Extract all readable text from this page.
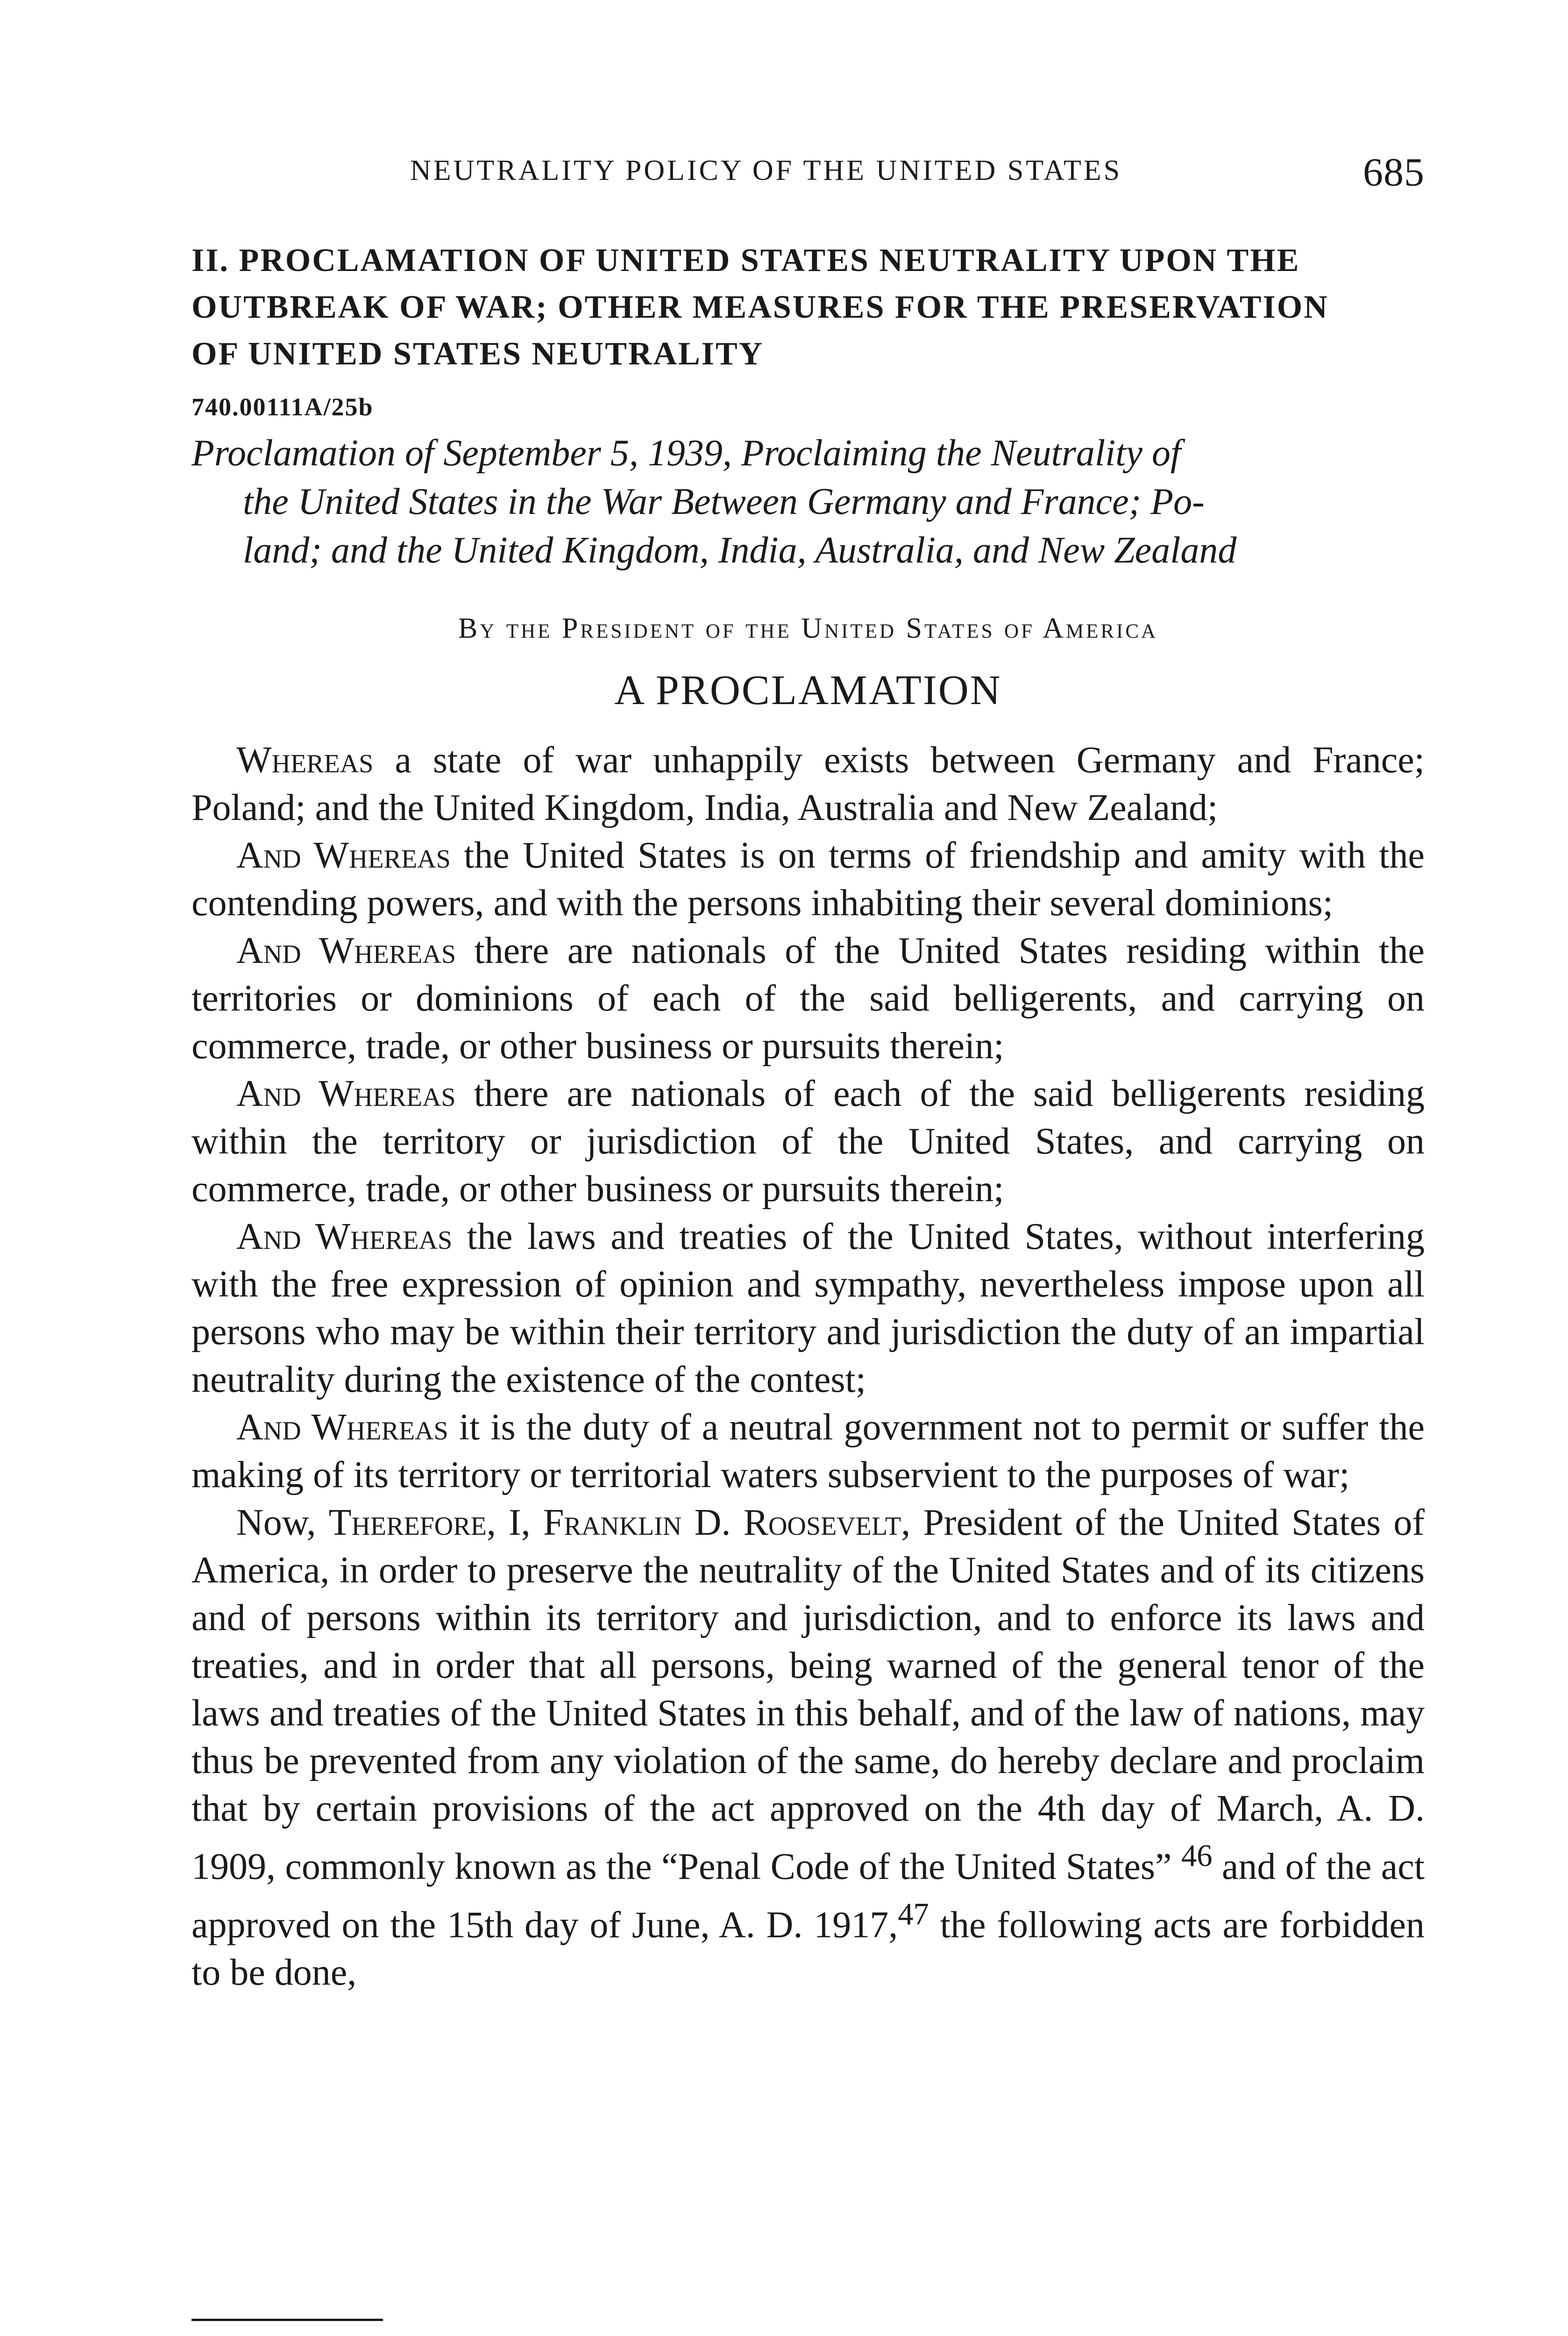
NEUTRALITY POLICY OF THE UNITED STATES	685
II. PROCLAMATION OF UNITED STATES NEUTRALITY UPON THE
OUTBREAK OF WAR; OTHER MEASURES FOR THE PRESERVATION
OF UNITED STATES NEUTRALITY
740.00111A/25b
Proclamation of September 5, 1939, Proclaiming the Neutrality of
the United States in the War Between Germany and France; Po-
land; and the United Kingdom, India, Australia, and New Zealand
By the President of the United States of America
A PROCLAMATION

Whereas a state of war unhappily exists between Germany and France; Poland; and the United Kingdom, India, Australia and New Zealand;

And Whereas the United States is on terms of friendship and amity with the contending powers, and with the persons inhabiting their several dominions;

And Whereas there are nationals of the United States residing within the territories or dominions of each of the said belligerents, and carrying on commerce, trade, or other business or pursuits therein;

And Whereas there are nationals of each of the said belligerents residing within the territory or jurisdiction of the United States, and carrying on commerce, trade, or other business or pursuits therein;

And Whereas the laws and treaties of the United States, without interfering with the free expression of opinion and sympathy, nevertheless impose upon all persons who may be within their territory and jurisdiction the duty of an impartial neutrality during the existence of the contest;

And Whereas it is the duty of a neutral government not to permit or suffer the making of its territory or territorial waters subservient to the purposes of war;

Now, Therefore, I, Franklin D. Roosevelt, President of the United States of America, in order to preserve the neutrality of the United States and of its citizens and of persons within its territory and jurisdiction, and to enforce its laws and treaties, and in order that all persons, being warned of the general tenor of the laws and treaties of the United States in this behalf, and of the law of nations, may thus be prevented from any violation of the same, do hereby declare and proclaim that by certain provisions of the act approved on the 4th day of March, A. D. 1909, commonly known as the “Penal Code of the United States” $^{46}$ and of the act approved on the 15th day of June, A. D. 1917,47 the following acts are forbidden to be done,
